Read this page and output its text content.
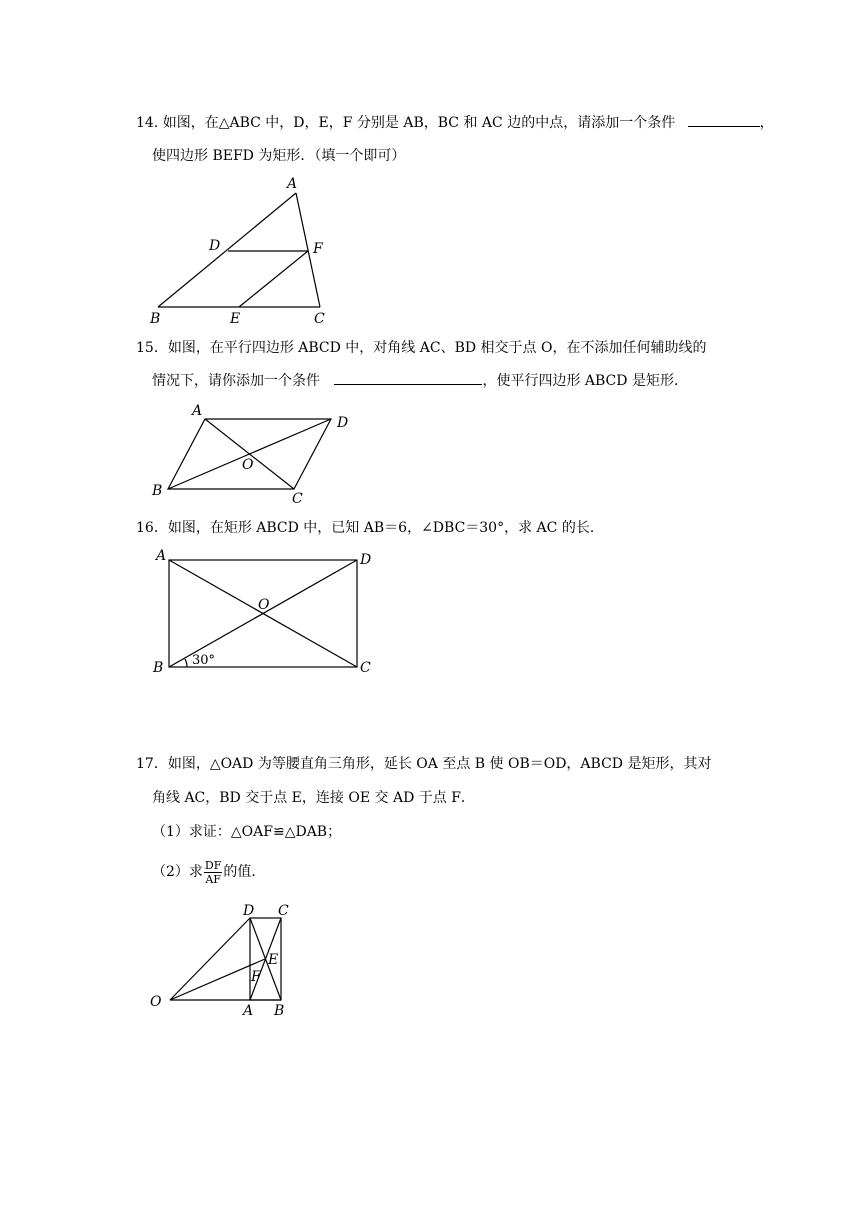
14. 如图，在△ABC 中，D，E，F 分别是 AB，BC 和 AC 边的中点，请添加一个条件	，
使四边形 BEFD 为矩形．（填一个即可）
A
B	C
D
E
F
15．如图，在平行四边形 ABCD 中，对角线 AC、BD 相交于点 O，在不添加任何辅助线的
情况下，请你添加一个条件	，使平行四边形 ABCD 是矩形．
A
B	C
D
O
16．如图，在矩形 ABCD 中，已知 AB＝6，∠DBC＝30°，求 AC 的长．
A
B	C
D
O
30°
17．如图，△OAD 为等腰直角三角形，延长 OA 至点 B 使 OB＝OD，ABCD 是矩形，其对
角线 AC，BD 交于点 E，连接 OE 交 AD 于点 F．
（1）求证：△OAF≌△DAB；
（2）求 $\frac{DF}{AF}$ 的值．
O
A B
C
D
E
F
